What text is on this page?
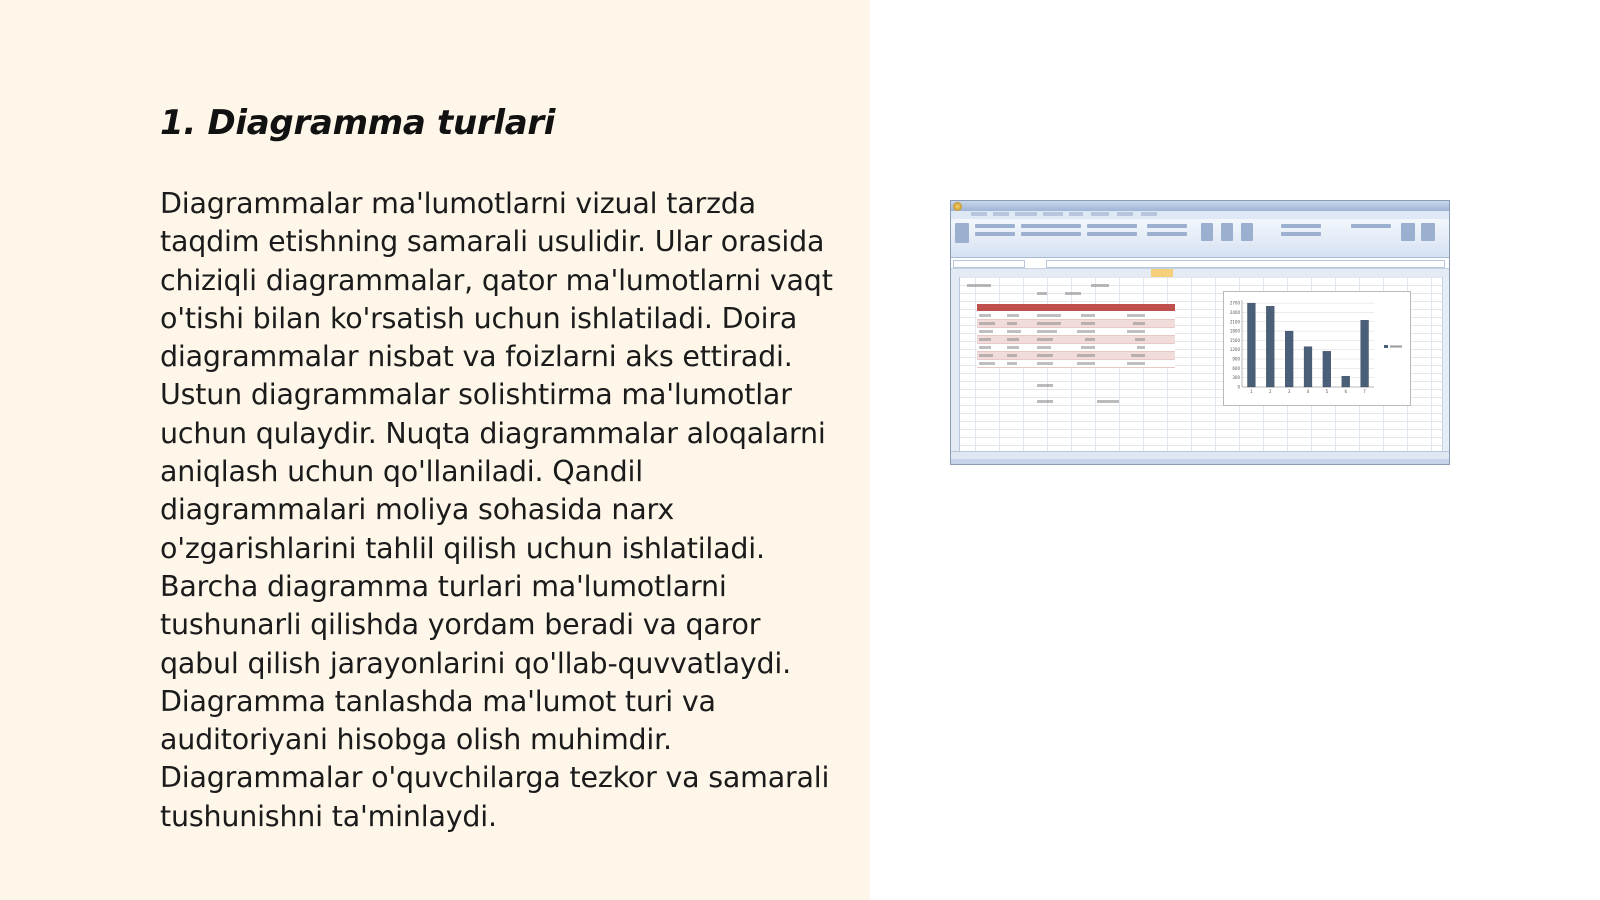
1. Diagramma turlari

Diagrammalar ma'lumotlarni vizual tarzda taqdim etishning samarali usulidir. Ular orasida chiziqli diagrammalar, qator ma'lumotlarni vaqt o'tishi bilan ko'rsatish uchun ishlatiladi. Doira diagrammalar nisbat va foizlarni aks ettiradi. Ustun diagrammalar solishtirma ma'lumotlar uchun qulaydir. Nuqta diagrammalar aloqalarni aniqlash uchun qo'llaniladi. Qandil diagrammalari moliya sohasida narx o'zgarishlarini tahlil qilish uchun ishlatiladi. Barcha diagramma turlari ma'lumotlarni tushunarli qilishda yordam beradi va qaror qabul qilish jarayonlarini qo'llab-quvvatlaydi. Diagramma tanlashda ma'lumot turi va auditoriyani hisobga olish muhimdir. Diagrammalar o'quvchilarga tezkor va samarali tushunishni ta'minlaydi.

0
300
600
900
1200
1500
1800
2100
2400
2700
1	2	3	4	5	6	7
